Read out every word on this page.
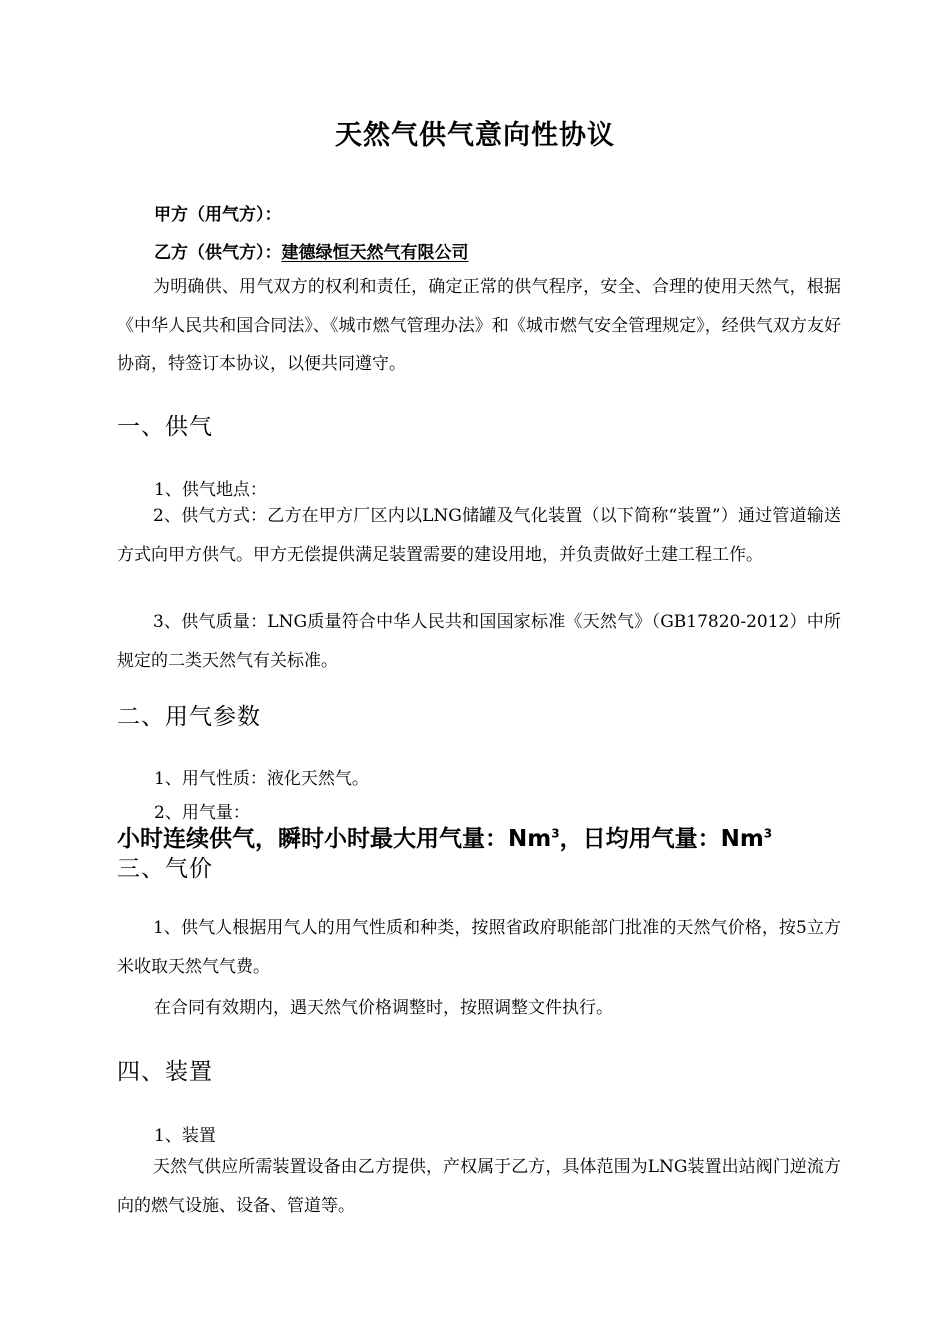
天然气供气意向性协议
甲方（用气方）：
乙方（供气方）：建德绿恒天然气有限公司

为明确供、用气双方的权利和责任，确定正常的供气程序，安全、合理的使用天然气，根据《中华人民共和国合同法》、《城市燃气管理办法》和《城市燃气安全管理规定》，经供气双方友好协商，特签订本协议，以便共同遵守。

一、供气
1、供气地点：

2、供气方式：乙方在甲方厂区内以LNG储罐及气化装置（以下简称“装置”）通过管道输送方式向甲方供气。甲方无偿提供满足装置需要的建设用地，并负责做好土建工程工作。

3、供气质量：LNG质量符合中华人民共和国国家标准《天然气》（GB17820-2012）中所规定的二类天然气有关标准。

二、用气参数
1、用气性质：液化天然气。
2、用气量：
小时连续供气，瞬时小时最大用气量：Nm$^3$，日均用气量：Nm$^3$
三、气价

1、供气人根据用气人的用气性质和种类，按照省政府职能部门批准的天然气价格，按5立方米收取天然气气费。

在合同有效期内，遇天然气价格调整时，按照调整文件执行。
四、装置
1、装置

天然气供应所需装置设备由乙方提供，产权属于乙方，具体范围为LNG装置出站阀门逆流方向的燃气设施、设备、管道等。
